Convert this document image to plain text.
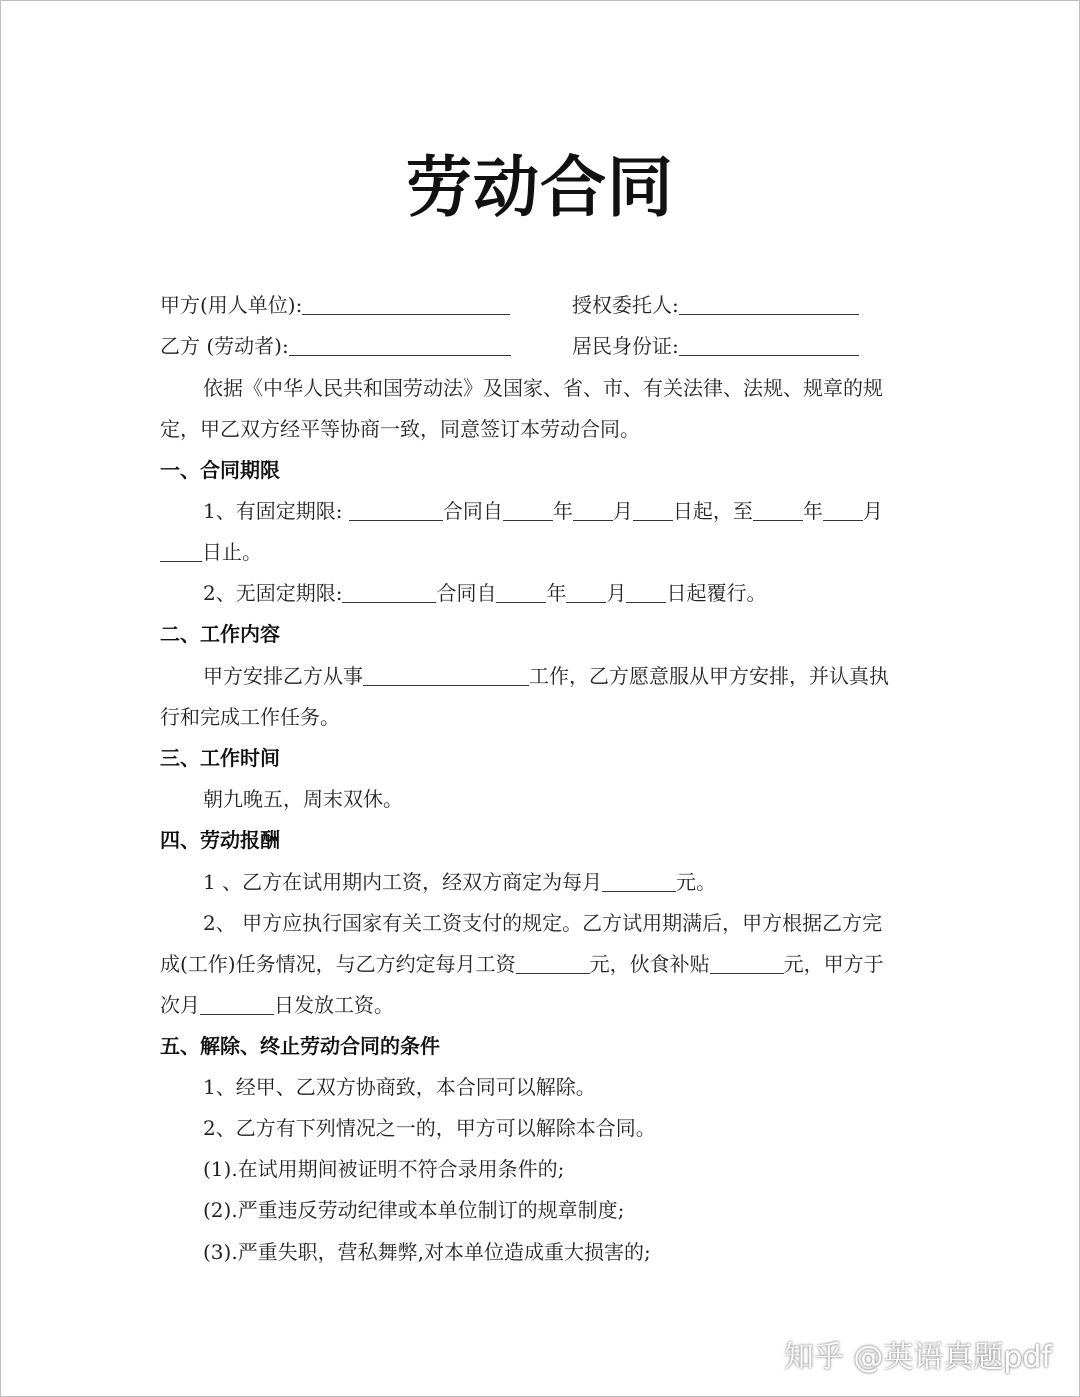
劳动合同
甲方(用人单位):	授权委托人:
乙方 (劳动者):	居民身份证:
依据《中华人民共和国劳动法》及国家、省、市、有关法律、法规、规章的规
定，甲乙双方经平等协商一致，同意签订本劳动合同。
一、合同期限
1、有固定期限:	合同自	年 月 日起，至	年 月
日止。
2、无固定期限:	合同自	年 月 日起覆行。
二、工作内容
甲方安排乙方从事	工作，乙方愿意服从甲方安排，并认真执
行和完成工作任务。
三、工作时间
朝九晚五，周末双休。
四、劳动报酬
1 、乙方在试用期内工资，经双方商定为每月	元。
2、 甲方应执行国家有关工资支付的规定。乙方试用期满后，甲方根据乙方完
成(工作)任务情况，与乙方约定每月工资	元，伙食补贴	元，甲方于
次月	日发放工资。
五、解除、终止劳动合同的条件
1、经甲、乙双方协商致，本合同可以解除。
2、乙方有下列情况之一的，甲方可以解除本合同。
(1).在试用期间被证明不符合录用条件的;
(2).严重违反劳动纪律或本单位制订的规章制度;
(3).严重失职，营私舞弊,对本单位造成重大损害的;
知乎 @英语真题pdf
